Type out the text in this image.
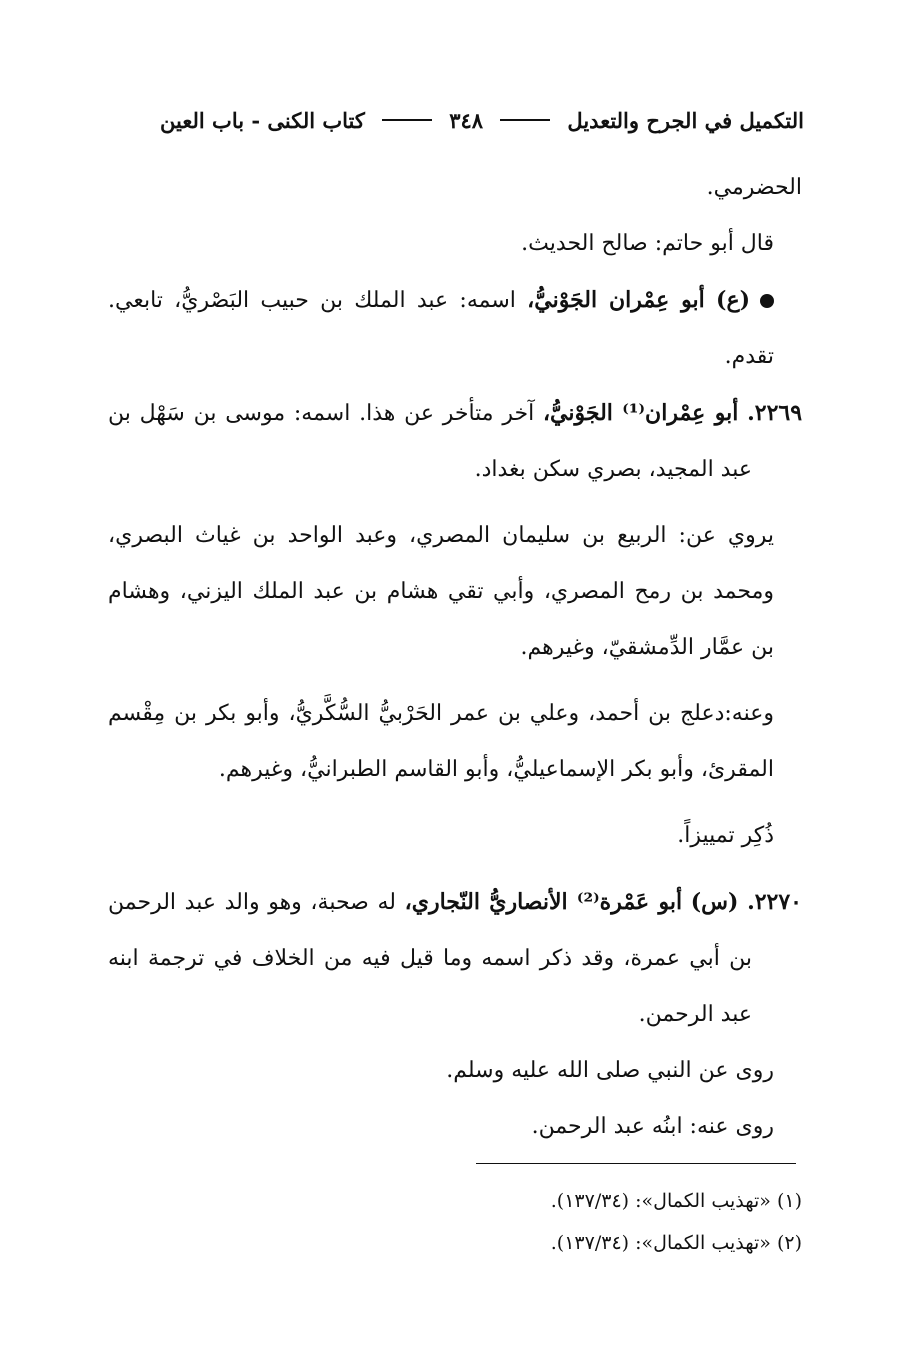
التكميل في الجرح والتعديل
٣٤٨
كتاب الكنى - باب العين

الحضرمي.

قال أبو حاتم: صالح الحديث.

(ع) أبو عِمْران الجَوْنيُّ، اسمه: عبد الملك بن حبيب البَصْريُّ، تابعي. تقدم.

٢٢٦٩. أبو عِمْران⁽¹⁾ الجَوْنيُّ، آخر متأخر عن هذا. اسمه: موسى بن سَهْل بن عبد المجيد، بصري سكن بغداد.

يروي عن: الربيع بن سليمان المصري، وعبد الواحد بن غياث البصري، ومحمد بن رمح المصري، وأبي تقي هشام بن عبد الملك اليزني، وهشام بن عمَّار الدِّمشقيّ، وغيرهم.

وعنه:دعلج بن أحمد، وعلي بن عمر الحَرْبيُّ السُّكَّريُّ، وأبو بكر بن مِقْسم المقرئ، وأبو بكر الإسماعيليُّ، وأبو القاسم الطبرانيُّ، وغيرهم.

ذُكِر تمييزاً.

٢٢٧٠. (س) أبو عَمْرة⁽²⁾ الأنصاريُّ النّجاري، له صحبة، وهو والد عبد الرحمن بن أبي عمرة، وقد ذكر اسمه وما قيل فيه من الخلاف في ترجمة ابنه عبد الرحمن.

روى عن النبي صلى الله عليه وسلم.

روى عنه: ابنُه عبد الرحمن.

(١) «تهذيب الكمال»: (١٣٧/٣٤).

(٢) «تهذيب الكمال»: (١٣٧/٣٤).
